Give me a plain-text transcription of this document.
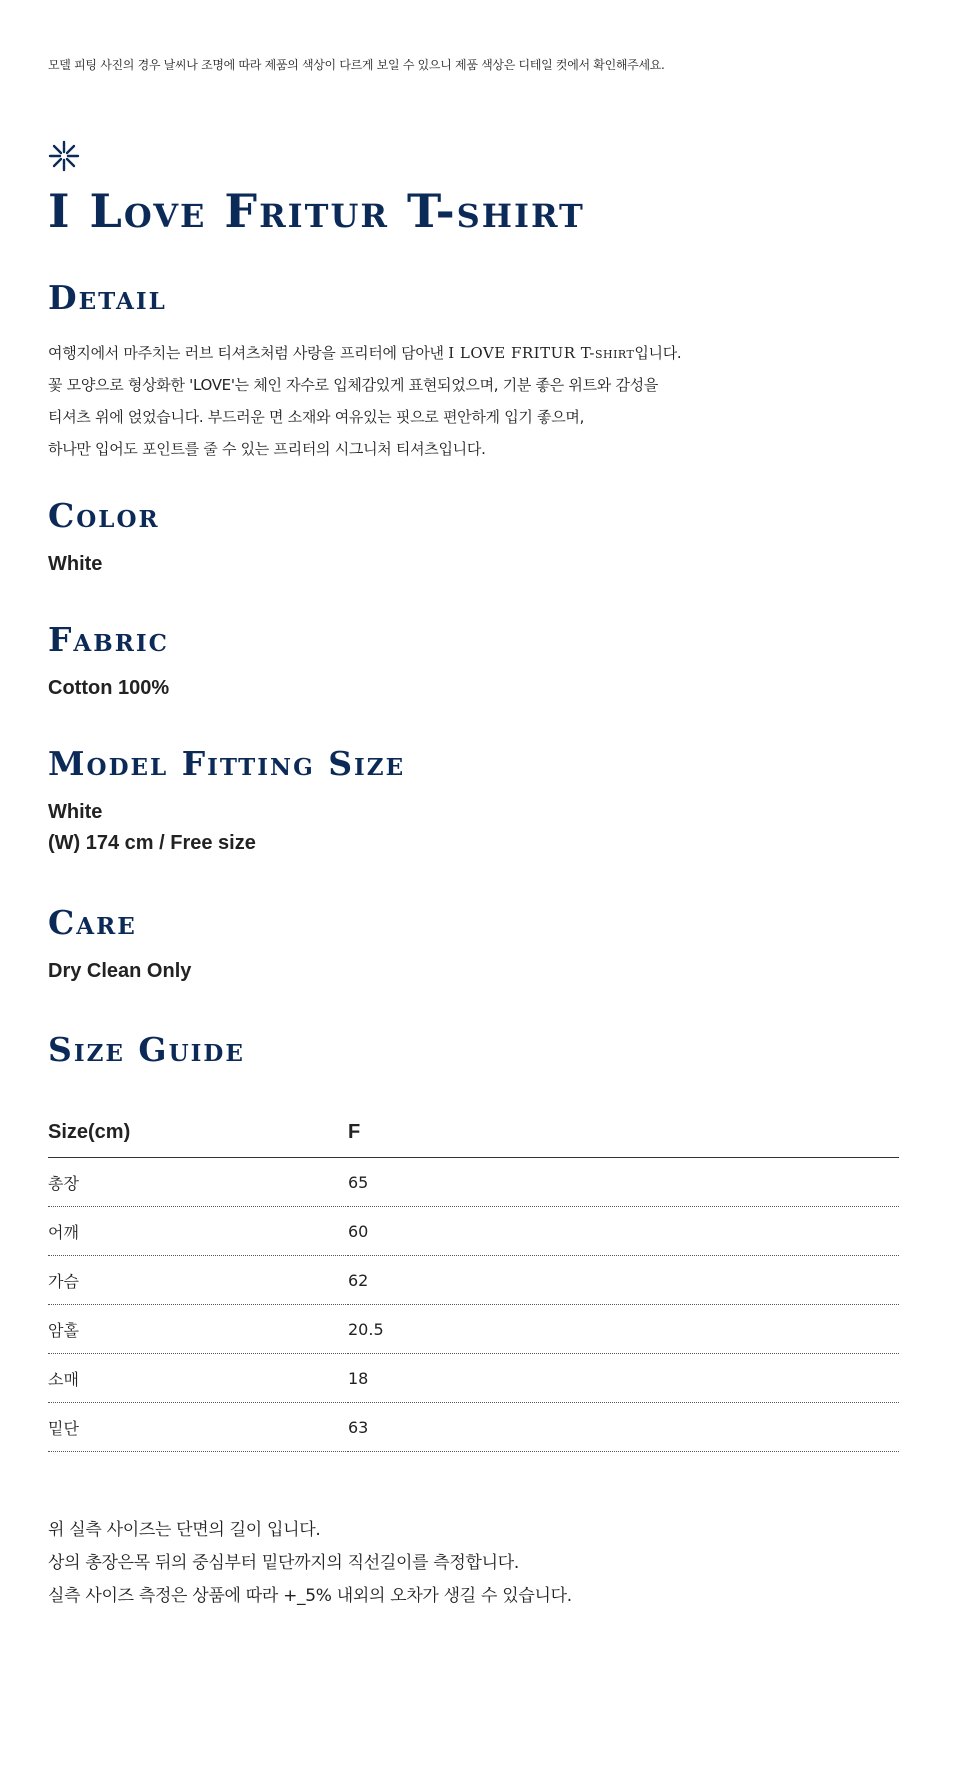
모델 피팅 사진의 경우 날씨나 조명에 따라 제품의 색상이 다르게 보일 수 있으니 제품 색상은 디테일 컷에서 확인해주세요.
I Love Fritur T-shirt
Detail
여행지에서 마주치는 러브 티셔츠처럼 사랑을 프리터에 담아낸 I LOVE FRITUR T-shirt입니다.
꽃 모양으로 형상화한 'LOVE'는 체인 자수로 입체감있게 표현되었으며, 기분 좋은 위트와 감성을
티셔츠 위에 얹었습니다. 부드러운 면 소재와 여유있는 핏으로 편안하게 입기 좋으며,
하나만 입어도 포인트를 줄 수 있는 프리터의 시그니처 티셔츠입니다.
Color

White

Fabric

Cotton 100%

Model Fitting Size

White

(W) 174 cm / Free size

Care

Dry Clean Only

Size Guide
Size(cm)	F
총장	65
어깨	60
가슴	62
암홀	20.5
소매	18
밑단	63
위 실측 사이즈는 단면의 길이 입니다.
상의 총장은목 뒤의 중심부터 밑단까지의 직선길이를 측정합니다.
실측 사이즈 측정은 상품에 따라 +_5% 내외의 오차가 생길 수 있습니다.
